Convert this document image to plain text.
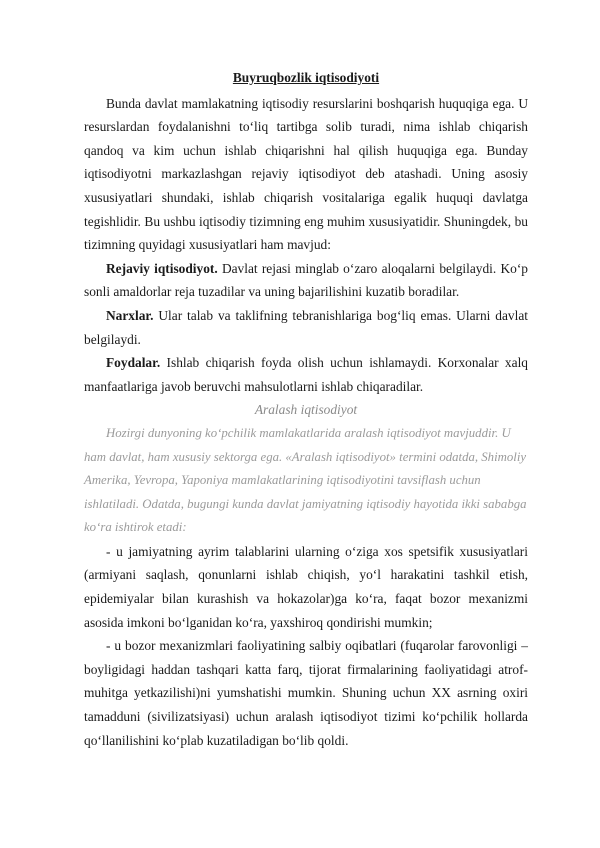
Buyruqbozlik iqtisodiyoti

Bunda davlat mamlakatning iqtisodiy resurslarini boshqarish huquqiga ega. U resurslardan foydalanishni to‘liq tartibga solib turadi, nima ishlab chiqarish qandoq va kim uchun ishlab chiqarishni hal qilish huquqiga ega. Bunday iqtisodiyotni markazlashgan rejaviy iqtisodiyot deb atashadi. Uning asosiy xususiyatlari shundaki, ishlab chiqarish vositalariga egalik huquqi davlatga tegishlidir. Bu ushbu iqtisodiy tizimning eng muhim xususiyatidir. Shuningdek, bu tizimning quyidagi xususiyatlari ham mavjud:

Rejaviy iqtisodiyot. Davlat rejasi minglab o‘zaro aloqalarni belgilaydi. Ko‘p sonli amaldorlar reja tuzadilar va uning bajarilishini kuzatib boradilar.

Narxlar. Ular talab va taklifning tebranishlariga bog‘liq emas. Ularni davlat belgilaydi.

Foydalar. Ishlab chiqarish foyda olish uchun ishlamaydi. Korxonalar xalq manfaatlariga javob beruvchi mahsulotlarni ishlab chiqaradilar.

Aralash iqtisodiyot

Hozirgi dunyoning ko‘pchilik mamlakatlarida aralash iqtisodiyot mavjuddir. U ham davlat, ham xususiy sektorga ega. «Aralash iqtisodiyot» termini odatda, Shimoliy Amerika, Yevropa, Yaponiya mamlakatlarining iqtisodiyotini tavsiflash uchun ishlatiladi. Odatda, bugungi kunda davlat jamiyatning iqtisodiy hayotida ikki sababga ko‘ra ishtirok etadi:

- u jamiyatning ayrim talablarini ularning o‘ziga xos spetsifik xususiyatlari (armiyani saqlash, qonunlarni ishlab chiqish, yo‘l harakatini tashkil etish, epidemiyalar bilan kurashish va hokazolar)ga ko‘ra, faqat bozor mexanizmi asosida imkoni bo‘lganidan ko‘ra, yaxshiroq qondirishi mumkin;

- u bozor mexanizmlari faoliyatining salbiy oqibatlari (fuqarolar farovonligi – boyligidagi haddan tashqari katta farq, tijorat firmalarining faoliyatidagi atrof-muhitga yetkazilishi)ni yumshatishi mumkin. Shuning uchun XX asrning oxiri tamadduni (sivilizatsiyasi) uchun aralash iqtisodiyot tizimi ko‘pchilik hollarda qo‘llanilishini ko‘plab kuzatiladigan bo‘lib qoldi.
